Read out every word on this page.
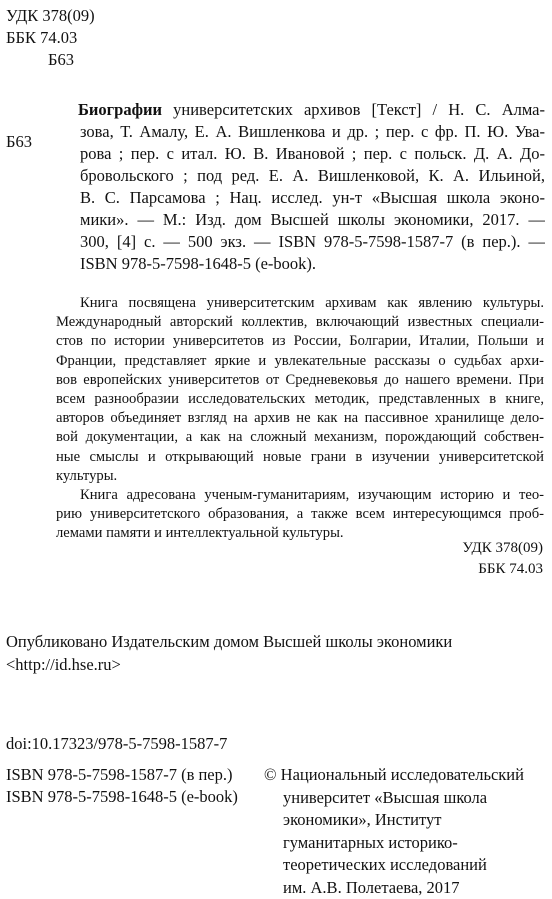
УДК 378(09)
ББК 74.03
Б63
Б63
Биографии университетских архивов [Текст] / Н. С. Алма-
зова, Т. Амалу, Е. А. Вишленкова и др. ; пер. с фр. П. Ю. Ува-
рова ; пер. с итал. Ю. В. Ивановой ; пер. с польск. Д. А. До-
бровольского ; под ред. Е. А. Вишленковой, К. А. Ильиной,
В. С. Парсамова ; Нац. исслед. ун-т «Высшая школа эконо-
мики». — М.: Изд. дом Высшей школы экономики, 2017. —
300, [4] с. — 500 экз. — ISBN 978-5-7598-1587-7 (в пер.). —
ISBN 978-5-7598-1648-5 (e-book).
Книга посвящена университетским архивам как явлению культуры.
Международный авторский коллектив, включающий известных специали-
стов по истории университетов из России, Болгарии, Италии, Польши и
Франции, представляет яркие и увлекательные рассказы о судьбах архи-
вов европейских университетов от Средневековья до нашего времени. При
всем разнообразии исследовательских методик, представленных в книге,
авторов объединяет взгляд на архив не как на пассивное хранилище дело-
вой документации, а как на сложный механизм, порождающий собствен-
ные смыслы и открывающий новые грани в изучении университетской
культуры.
Книга адресована ученым-гуманитариям, изучающим историю и тео-
рию университетского образования, а также всем интересующимся проб-
лемами памяти и интеллектуальной культуры.
УДК 378(09)
ББК 74.03
Опубликовано Издательским домом Высшей школы экономики
<http://id.hse.ru>
doi:10.17323/978-5-7598-1587-7
ISBN 978-5-7598-1587-7 (в пер.)
ISBN 978-5-7598-1648-5 (e-book)
© Национальный исследовательский
университет «Высшая школа
экономики», Институт
гуманитарных историко-
теоретических исследований
им. А.В. Полетаева, 2017
